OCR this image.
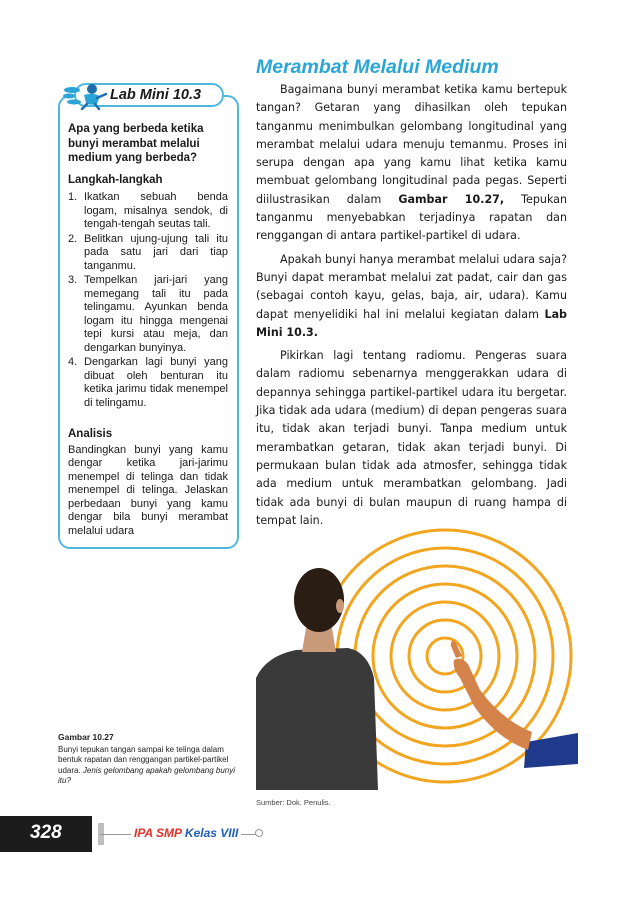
Lab Mini 10.3
Apa yang berbeda ketika bunyi merambat melalui medium yang berbeda?
Langkah-langkah
1. Ikatkan sebuah benda logam, misalnya sendok, di tengah-tengah seutas tali.
2. Belitkan ujung-ujung tali itu pada satu jari dari tiap tanganmu.
3. Tempelkan jari-jari yang memegang tali itu pada telingamu. Ayunkan benda logam itu hingga mengenai tepi kursi atau meja, dan dengarkan bunyinya.
4. Dengarkan lagi bunyi yang dibuat oleh benturan itu ketika jarimu tidak menempel di telingamu.
Analisis
Bandingkan bunyi yang kamu dengar ketika jari-jarimu menempel di telinga dan tidak menempel di telinga. Jelaskan perbedaan bunyi yang kamu dengar bila bunyi merambat melalui udara
Merambat Melalui Medium

Bagaimana bunyi merambat ketika kamu bertepuk tangan? Getaran yang dihasilkan oleh tepukan tanganmu menimbulkan gelombang longitudinal yang merambat melalui udara menuju temanmu. Proses ini serupa dengan apa yang kamu lihat ketika kamu membuat gelombang longitudinal pada pegas. Seperti diilustrasikan dalam Gambar 10.27, Tepukan tanganmu menyebabkan terjadinya rapatan dan renggangan di antara partikel-partikel di udara.

Apakah bunyi hanya merambat melalui udara saja? Bunyi dapat merambat melalui zat padat, cair dan gas (sebagai contoh kayu, gelas, baja, air, udara). Kamu dapat menyelidiki hal ini melalui kegiatan dalam Lab Mini 10.3.

Pikirkan lagi tentang radiomu. Pengeras suara dalam radiomu sebenarnya menggerakkan udara di depannya sehingga partikel-partikel udara itu bergetar. Jika tidak ada udara (medium) di depan pengeras suara itu, tidak akan terjadi bunyi. Tanpa medium untuk merambatkan getaran, tidak akan terjadi bunyi. Di permukaan bulan tidak ada atmosfer, sehingga tidak ada medium untuk merambatkan gelombang. Jadi tidak ada bunyi di bulan maupun di ruang hampa di tempat lain.

Sumber: Dok. Penulis.
Gambar 10.27
Bunyi tepukan tangan sampai ke telinga dalam bentuk rapatan dan renggangan partikel-partikel udara. Jenis gelombang apakah gelombang bunyi itu?
328	IPA SMP Kelas VIII
